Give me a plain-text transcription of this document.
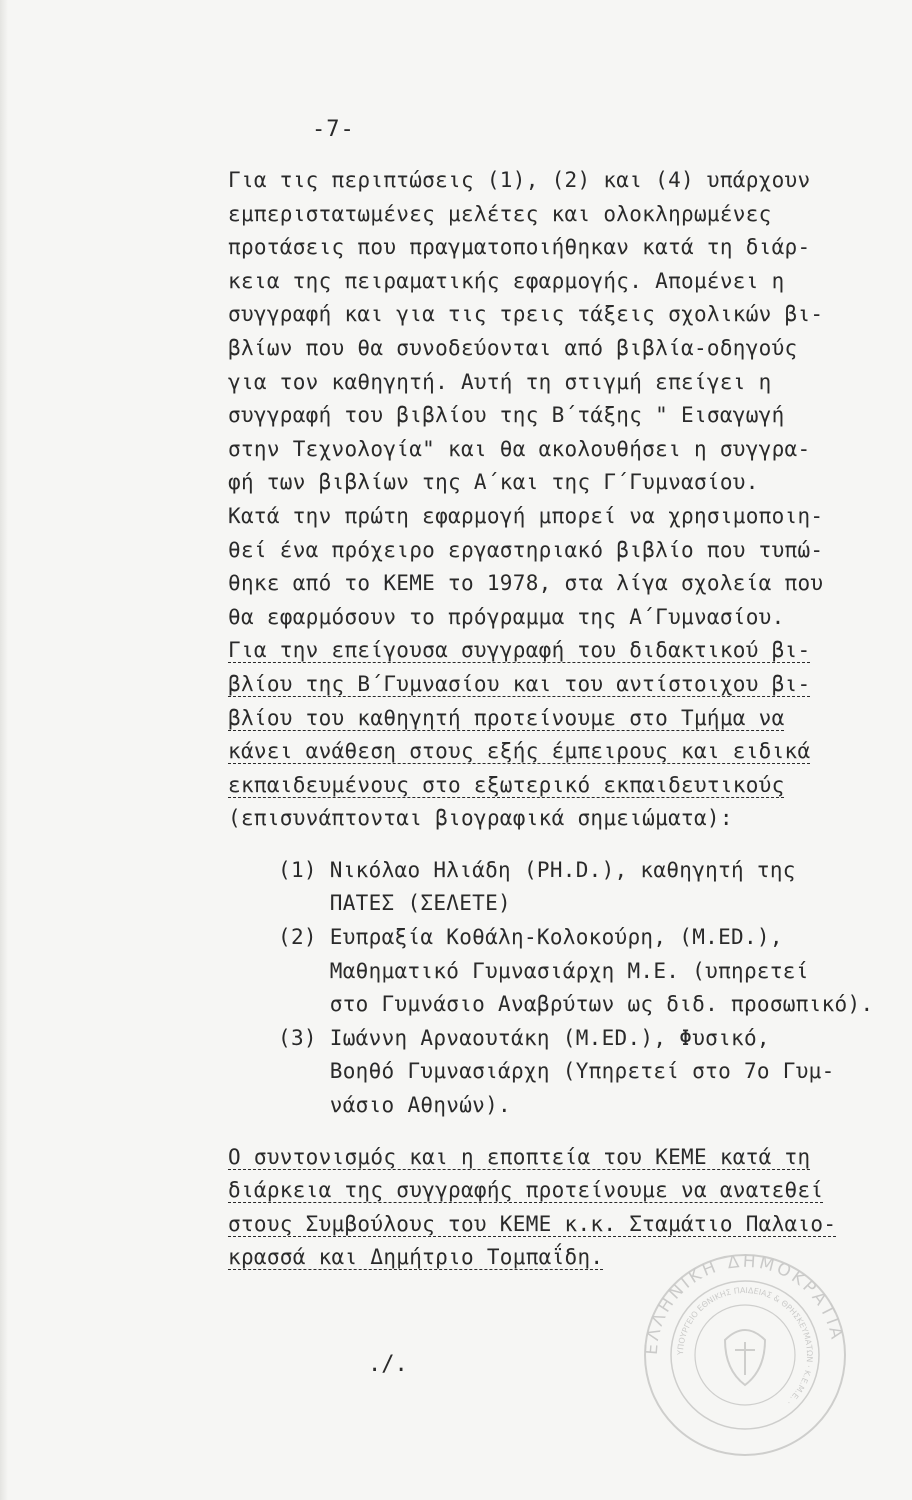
-7-
Για τις περιπτώσεις (1), (2) και (4) υπάρχουν
εμπεριστατωμένες μελέτες και ολοκληρωμένες
προτάσεις που πραγματοποιήθηκαν κατά τη διάρ-
κεια της πειραματικής εφαρμογής. Απομένει η
συγγραφή και για τις τρεις τάξεις σχολικών βι-
βλίων που θα συνοδεύονται από βιβλία-οδηγούς
για τον καθηγητή. Αυτή τη στιγμή επείγει η
συγγραφή του βιβλίου της Β΄τάξης " Εισαγωγή
στην Τεχνολογία" και θα ακολουθήσει η συγγρα-
φή των βιβλίων της Α΄και της Γ΄Γυμνασίου.
Κατά την πρώτη εφαρμογή μπορεί να χρησιμοποιη-
θεί ένα πρόχειρο εργαστηριακό βιβλίο που τυπώ-
θηκε από το ΚΕΜΕ το 1978, στα λίγα σχολεία που
θα εφαρμόσουν το πρόγραμμα της Α΄Γυμνασίου.
Για την επείγουσα συγγραφή του διδακτικού βι-
βλίου της Β΄Γυμνασίου και του αντίστοιχου βι-
βλίου του καθηγητή προτείνουμε στο Τμήμα να
κάνει ανάθεση στους εξής έμπειρους και ειδικά
εκπαιδευμένους στο εξωτερικό εκπαιδευτικούς
(επισυνάπτονται βιογραφικά σημειώματα):
(1) Νικόλαο Ηλιάδη (PH.D.), καθηγητή της
ΠΑΤΕΣ (ΣΕΛΕΤΕ)
(2) Ευπραξία Κοθάλη-Κολοκούρη, (M.ED.),
Μαθηματικό Γυμνασιάρχη Μ.Ε. (υπηρετεί
στο Γυμνάσιο Αναβρύτων ως διδ. προσωπικό).
(3) Ιωάννη Αρναουτάκη (M.ED.), Φυσικό,
Βοηθό Γυμνασιάρχη (Υπηρετεί στο 7ο Γυμ-
νάσιο Αθηνών).
Ο συντονισμός και η εποπτεία του ΚΕΜΕ κατά τη
διάρκεια της συγγραφής προτείνουμε να ανατεθεί
στους Συμβούλους του ΚΕΜΕ κ.κ. Σταμάτιο Παλαιο-
κρασσά και Δημήτριο Τομπαΐδη.
ΕΛΛΗΝΙΚΗ ΔΗΜΟΚΡΑΤΙΑ
ΥΠΟΥΡΓΕΙΟ ΕΘΝΙΚΗΣ ΠΑΙΔΕΙΑΣ & ΘΡΗΣΚΕΥΜΑΤΩΝ · Κ.Ε.Μ.Ε. ·
./.
